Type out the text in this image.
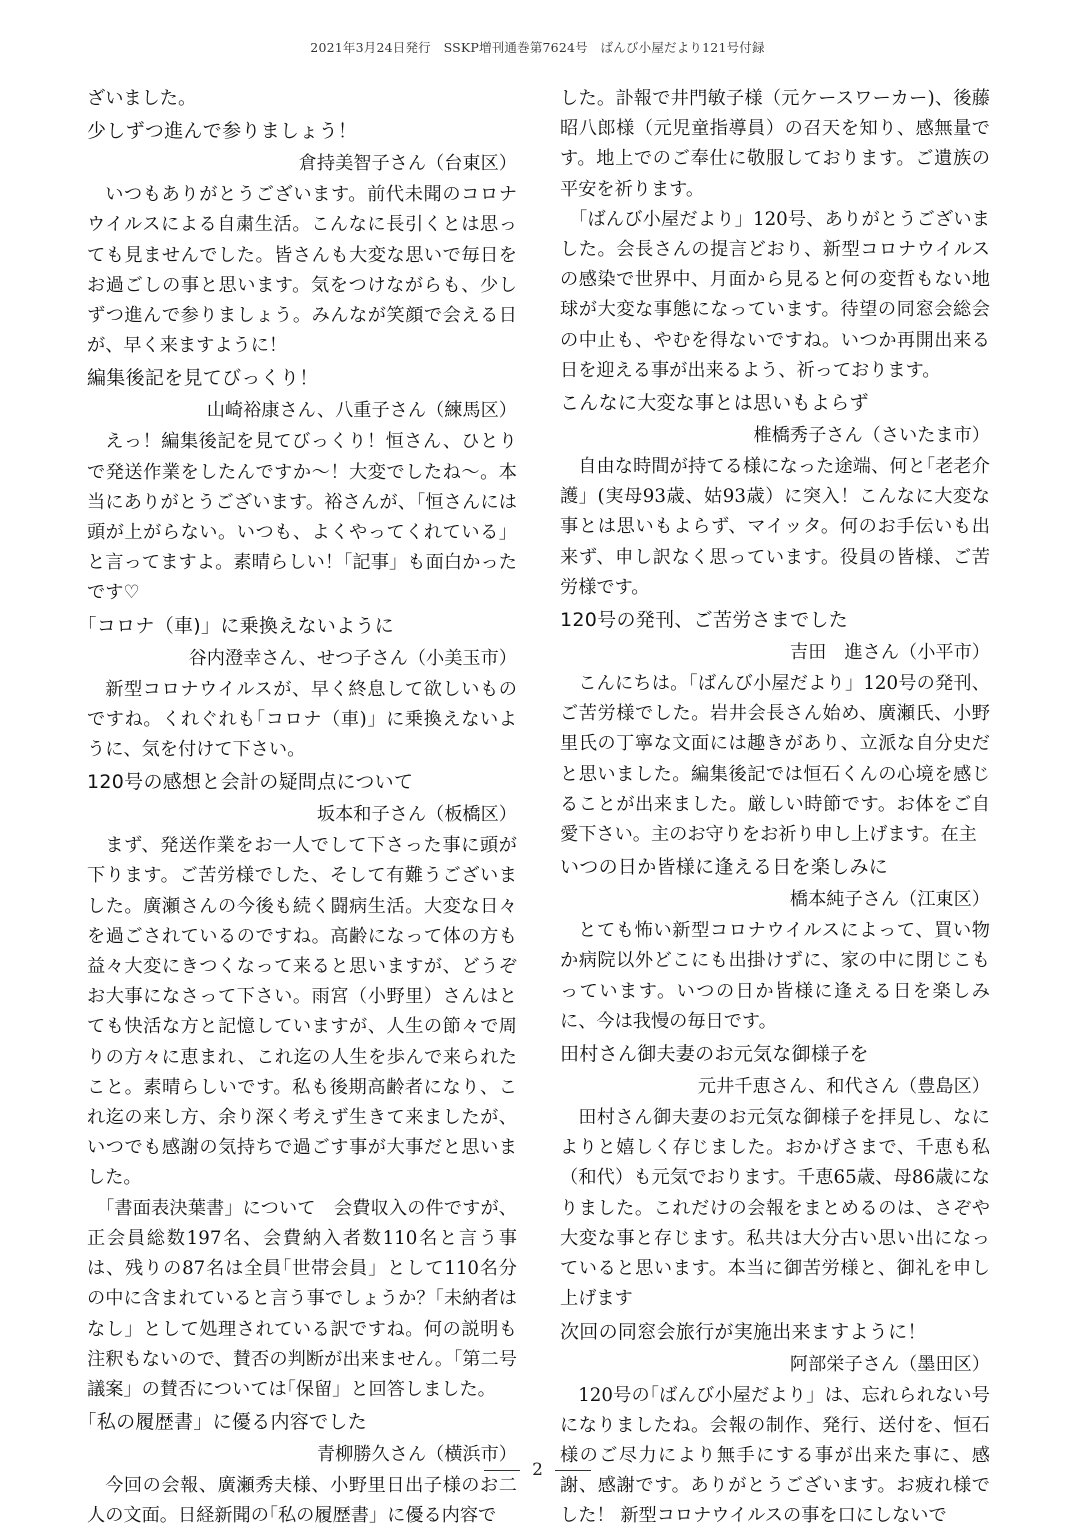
2021年3月24日発行　SSKP増刊通巻第7624号　ばんび小屋だより121号付録

ざいました。

少しずつ進んで参りましょう！
倉持美智子さん（台東区）

いつもありがとうございます。前代未聞のコロナウイルスによる自粛生活。こんなに長引くとは思っても見ませんでした。皆さんも大変な思いで毎日をお過ごしの事と思います。気をつけながらも、少しずつ進んで参りましょう。みんなが笑顔で会える日が、早く来ますように！

編集後記を見てびっくり！
山崎裕康さん、八重子さん（練馬区）

えっ！編集後記を見てびっくり！恒さん、ひとりで発送作業をしたんですか～！大変でしたね～。本当にありがとうございます。裕さんが、｢恒さんには頭が上がらない。いつも、よくやってくれている」と言ってますよ。素晴らしい！｢記事」も面白かったです♡

｢コロナ（車)」に乗換えないように
谷内澄幸さん、せつ子さん（小美玉市）

新型コロナウイルスが、早く終息して欲しいものですね。くれぐれも｢コロナ（車)」に乗換えないように、気を付けて下さい。

120号の感想と会計の疑問点について
坂本和子さん（板橋区）

まず、発送作業をお一人でして下さった事に頭が下ります。ご苦労様でした、そして有難うございました。廣瀬さんの今後も続く闘病生活。大変な日々を過ごされているのですね。高齢になって体の方も益々大変にきつくなって来ると思いますが、どうぞお大事になさって下さい。雨宮（小野里）さんはとても快活な方と記憶していますが、人生の節々で周りの方々に恵まれ、これ迄の人生を歩んで来られたこと。素晴らしいです。私も後期高齢者になり、これ迄の来し方、余り深く考えず生きて来ましたが、いつでも感謝の気持ちで過ごす事が大事だと思いました。

｢書面表決葉書」について　会費収入の件ですが、正会員総数197名、会費納入者数110名と言う事は、残りの87名は全員｢世帯会員」として110名分の中に含まれていると言う事でしょうか？｢未納者はなし」として処理されている訳ですね。何の説明も注釈もないので、賛否の判断が出来ません。｢第二号議案」の賛否については｢保留」と回答しました。

｢私の履歴書」に優る内容でした
青柳勝久さん（横浜市）

今回の会報、廣瀬秀夫様、小野里日出子様のお二人の文面。日経新聞の｢私の履歴書」に優る内容で

した。訃報で井門敏子様（元ケースワーカー)、後藤昭八郎様（元児童指導員）の召天を知り、感無量です。地上でのご奉仕に敬服しております。ご遺族の平安を祈ります。

｢ばんび小屋だより」120号、ありがとうございました。会長さんの提言どおり、新型コロナウイルスの感染で世界中、月面から見ると何の変哲もない地球が大変な事態になっています。待望の同窓会総会の中止も、やむを得ないですね。いつか再開出来る日を迎える事が出来るよう、祈っております。

こんなに大変な事とは思いもよらず
椎橋秀子さん（さいたま市）

自由な時間が持てる様になった途端、何と｢老老介護」(実母93歳、姑93歳）に突入！こんなに大変な事とは思いもよらず、マイッタ。何のお手伝いも出来ず、申し訳なく思っています。役員の皆様、ご苦労様です。

120号の発刊、ご苦労さまでした
吉田　進さん（小平市）

こんにちは。｢ばんび小屋だより」120号の発刊、ご苦労様でした。岩井会長さん始め、廣瀬氏、小野里氏の丁寧な文面には趣きがあり、立派な自分史だと思いました。編集後記では恒石くんの心境を感じることが出来ました。厳しい時節です。お体をご自愛下さい。主のお守りをお祈り申し上げます。在主

いつの日か皆様に逢える日を楽しみに
橋本純子さん（江東区）

とても怖い新型コロナウイルスによって、買い物か病院以外どこにも出掛けずに、家の中に閉じこもっています。いつの日か皆様に逢える日を楽しみに、今は我慢の毎日です。

田村さん御夫妻のお元気な御様子を
元井千恵さん、和代さん（豊島区）

田村さん御夫妻のお元気な御様子を拝見し、なによりと嬉しく存じました。おかげさまで、千恵も私（和代）も元気でおります。千恵65歳、母86歳になりました。これだけの会報をまとめるのは、さぞや大変な事と存じます。私共は大分古い思い出になっていると思います。本当に御苦労様と、御礼を申し上げます

次回の同窓会旅行が実施出来ますように！
阿部栄子さん（墨田区）

120号の｢ばんび小屋だより」は、忘れられない号になりましたね。会報の制作、発行、送付を、恒石様のご尽力により無手にする事が出来た事に、感謝、感謝です。ありがとうございます。お疲れ様でした！ 新型コロナウイルスの事を口にしないで

2
